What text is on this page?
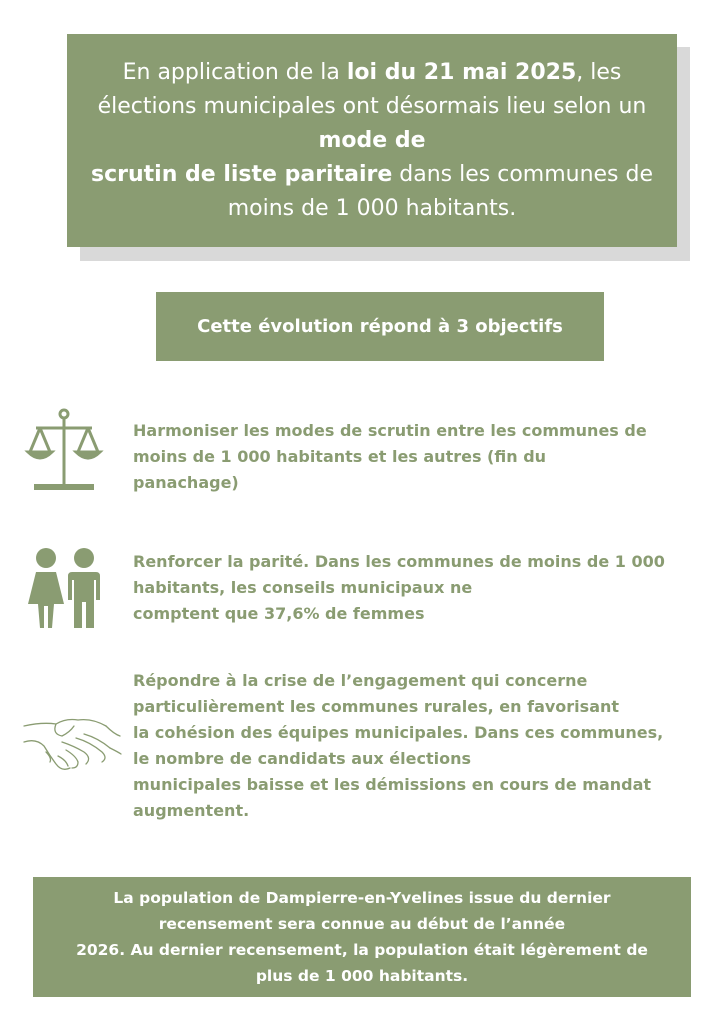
En application de la loi du 21 mai 2025, les élections municipales ont désormais lieu selon un mode de
scrutin de liste paritaire dans les communes de moins de 1 000 habitants.
Cette évolution répond à 3 objectifs
Harmoniser les modes de scrutin entre les communes de
moins de 1 000 habitants et les autres (fin du
panachage)
Renforcer la parité. Dans les communes de moins de 1 000
habitants, les conseils municipaux ne
comptent que 37,6% de femmes
Répondre à la crise de l’engagement qui concerne
particulièrement les communes rurales, en favorisant
la cohésion des équipes municipales. Dans ces communes,
le nombre de candidats aux élections
municipales baisse et les démissions en cours de mandat
augmentent.
La population de Dampierre-en-Yvelines issue du dernier
recensement sera connue au début de l’année
2026. Au dernier recensement, la population était légèrement de
plus de 1 000 habitants.
